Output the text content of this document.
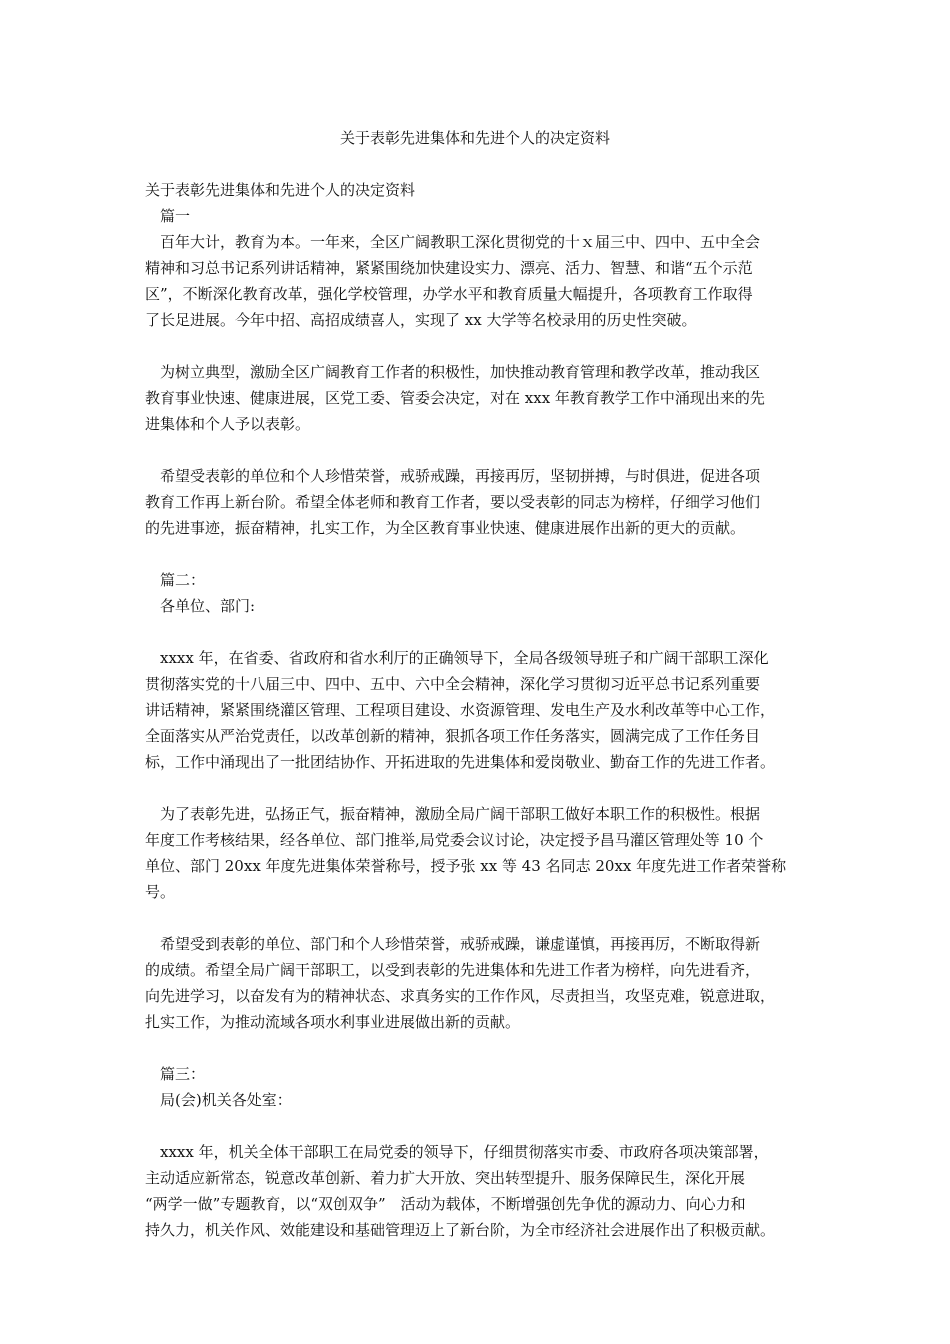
关于表彰先进集体和先进个人的决定资料
关于表彰先进集体和先进个人的决定资料
　篇一
　百年大计，教育为本。一年来，全区广阔教职工深化贯彻党的十ｘ届三中、四中、五中全会
精神和习总书记系列讲话精神，紧紧围绕加快建设实力、漂亮、活力、智慧、和谐“五个示范
区”，不断深化教育改革，强化学校管理，办学水平和教育质量大幅提升，各项教育工作取得
了长足进展。今年中招、高招成绩喜人，实现了 xx 大学等名校录用的历史性突破。
　为树立典型，激励全区广阔教育工作者的积极性，加快推动教育管理和教学改革，推动我区
教育事业快速、健康进展，区党工委、管委会决定，对在 xxx 年教育教学工作中涌现出来的先
进集体和个人予以表彰。
　希望受表彰的单位和个人珍惜荣誉，戒骄戒躁，再接再厉，坚韧拼搏，与时俱进，促进各项
教育工作再上新台阶。希望全体老师和教育工作者，要以受表彰的同志为榜样，仔细学习他们
的先进事迹，振奋精神，扎实工作，为全区教育事业快速、健康进展作出新的更大的贡献。
　篇二：
　各单位、部门:
　xxxx 年，在省委、省政府和省水利厅的正确领导下，全局各级领导班子和广阔干部职工深化
贯彻落实党的十八届三中、四中、五中、六中全会精神，深化学习贯彻习近平总书记系列重要
讲话精神，紧紧围绕灌区管理、工程项目建设、水资源管理、发电生产及水利改革等中心工作，
全面落实从严治党责任，以改革创新的精神，狠抓各项工作任务落实，圆满完成了工作任务目
标，工作中涌现出了一批团结协作、开拓进取的先进集体和爱岗敬业、勤奋工作的先进工作者。
　为了表彰先进，弘扬正气，振奋精神，激励全局广阔干部职工做好本职工作的积极性。根据
年度工作考核结果，经各单位、部门推举,局党委会议讨论，决定授予昌马灌区管理处等 10 个
单位、部门 20xx 年度先进集体荣誉称号，授予张 xx 等 43 名同志 20xx 年度先进工作者荣誉称
号。
　希望受到表彰的单位、部门和个人珍惜荣誉，戒骄戒躁，谦虚谨慎，再接再厉，不断取得新
的成绩。希望全局广阔干部职工，以受到表彰的先进集体和先进工作者为榜样，向先进看齐，
向先进学习，以奋发有为的精神状态、求真务实的工作作风，尽责担当，攻坚克难，锐意进取，
扎实工作，为推动流域各项水利事业进展做出新的贡献。
　篇三：
　局(会)机关各处室：
　xxxx 年，机关全体干部职工在局党委的领导下，仔细贯彻落实市委、市政府各项决策部署，
主动适应新常态，锐意改革创新、着力扩大开放、突出转型提升、服务保障民生，深化开展
“两学一做”专题教育，以“双创双争”　活动为载体，不断增强创先争优的源动力、向心力和
持久力，机关作风、效能建设和基础管理迈上了新台阶，为全市经济社会进展作出了积极贡献。
